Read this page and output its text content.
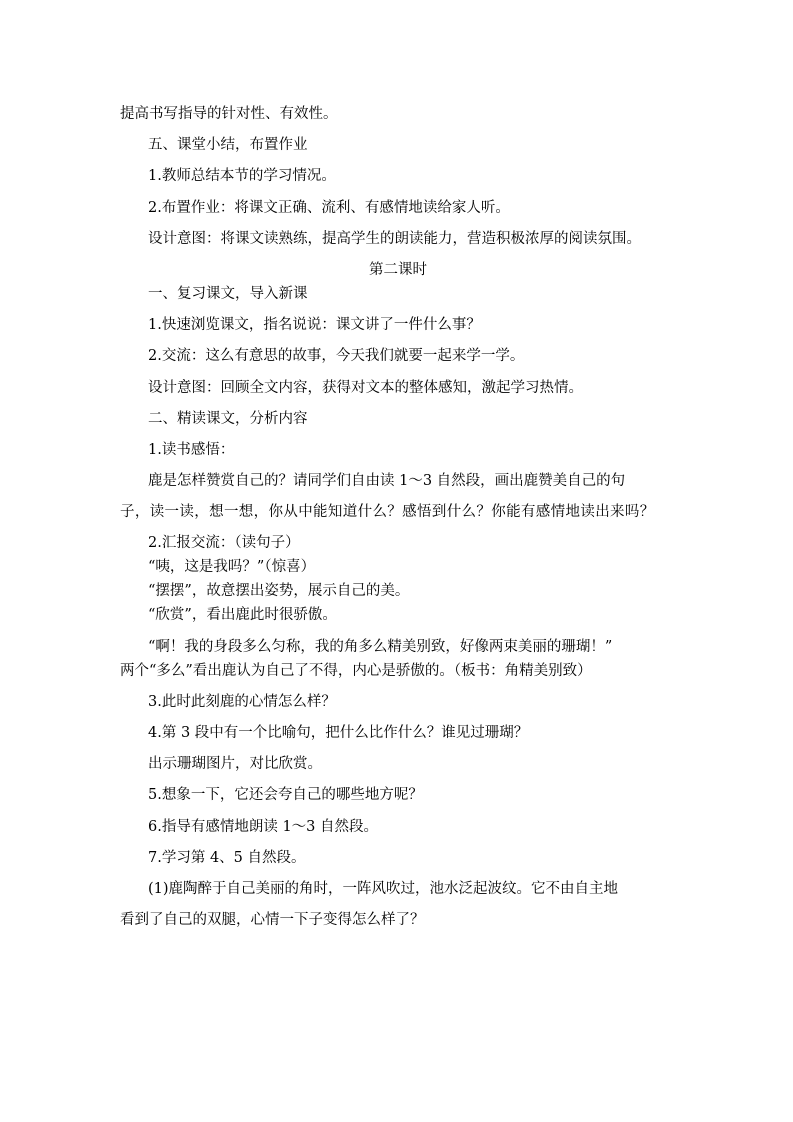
提高书写指导的针对性、有效性。
五、课堂小结，布置作业
1.教师总结本节的学习情况。
2.布置作业：将课文正确、流利、有感情地读给家人听。
设计意图：将课文读熟练，提高学生的朗读能力，营造积极浓厚的阅读氛围。
第二课时
一、复习课文，导入新课
1.快速浏览课文，指名说说：课文讲了一件什么事？
2.交流：这么有意思的故事，今天我们就要一起来学一学。
设计意图：回顾全文内容，获得对文本的整体感知，激起学习热情。
二、精读课文，分析内容
1.读书感悟：
鹿是怎样赞赏自己的？请同学们自由读 1～3 自然段，画出鹿赞美自己的句
子，读一读，想一想，你从中能知道什么？感悟到什么？你能有感情地读出来吗？
2.汇报交流：（读句子）
“咦，这是我吗？”（惊喜）
“摆摆”，故意摆出姿势，展示自己的美。
“欣赏”，看出鹿此时很骄傲。
“啊！我的身段多么匀称，我的角多么精美别致，好像两束美丽的珊瑚！”
两个“多么”看出鹿认为自己了不得，内心是骄傲的。（板书：角精美别致）
3.此时此刻鹿的心情怎么样？
4.第 3 段中有一个比喻句，把什么比作什么？谁见过珊瑚？
出示珊瑚图片，对比欣赏。
5.想象一下，它还会夸自己的哪些地方呢？
6.指导有感情地朗读 1～3 自然段。
7.学习第 4、5 自然段。
(1)鹿陶醉于自己美丽的角时，一阵风吹过，池水泛起波纹。它不由自主地
看到了自己的双腿，心情一下子变得怎么样了？
